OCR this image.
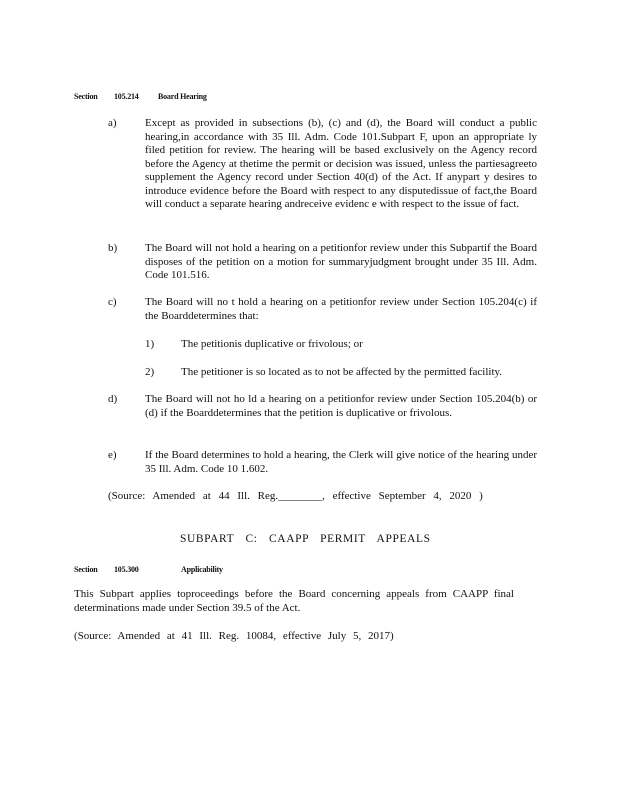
Section 105.214 Board Hearing
a)	Except as provided in subsections (b), (c) and (d), the Board will conduct a public hearing,in accordance with 35 Ill. Adm. Code 101.Subpart F, upon an appropriate ly filed petition for review. The hearing will be based exclusively on the Agency record before the Agency at thetime the permit or decision was issued, unless the partiesagreeto supplement the Agency record under Section 40(d) of the Act. If anypart y desires to introduce evidence before the Board with respect to any disputedissue of fact,the Board will conduct a separate hearing andreceive evidenc e with respect to the issue of fact.
b)	The Board will not hold a hearing on a petitionfor review under this Subpartif the Board disposes of the petition on a motion for summaryjudgment brought under 35 Ill. Adm. Code 101.516.
c)	The Board will no t hold a hearing on a petitionfor review under Section 105.204(c) if the Boarddetermines that:
1) The petitionis duplicative or frivolous; or
2) The petitioner is so located as to not be affected by the permitted facility.
d)	The Board will not ho ld a hearing on a petitionfor review under Section 105.204(b) or (d) if the Boarddetermines that the petition is duplicative or frivolous.
e)	If the Board determines to hold a hearing, the Clerk will give notice of the hearing under 35 Ill. Adm. Code 10 1.602.
(Source: Amended at 44 Ill. Reg.________, effective September 4, 2020 )
SUBPART C: CAAPP PERMIT APPEALS
Section 105.300	Applicability
This Subpart applies toproceedings before the Board concerning appeals from CAAPP final determinations made under Section 39.5 of the Act.
(Source: Amended at 41 Ill. Reg. 10084, effective July 5, 2017)
